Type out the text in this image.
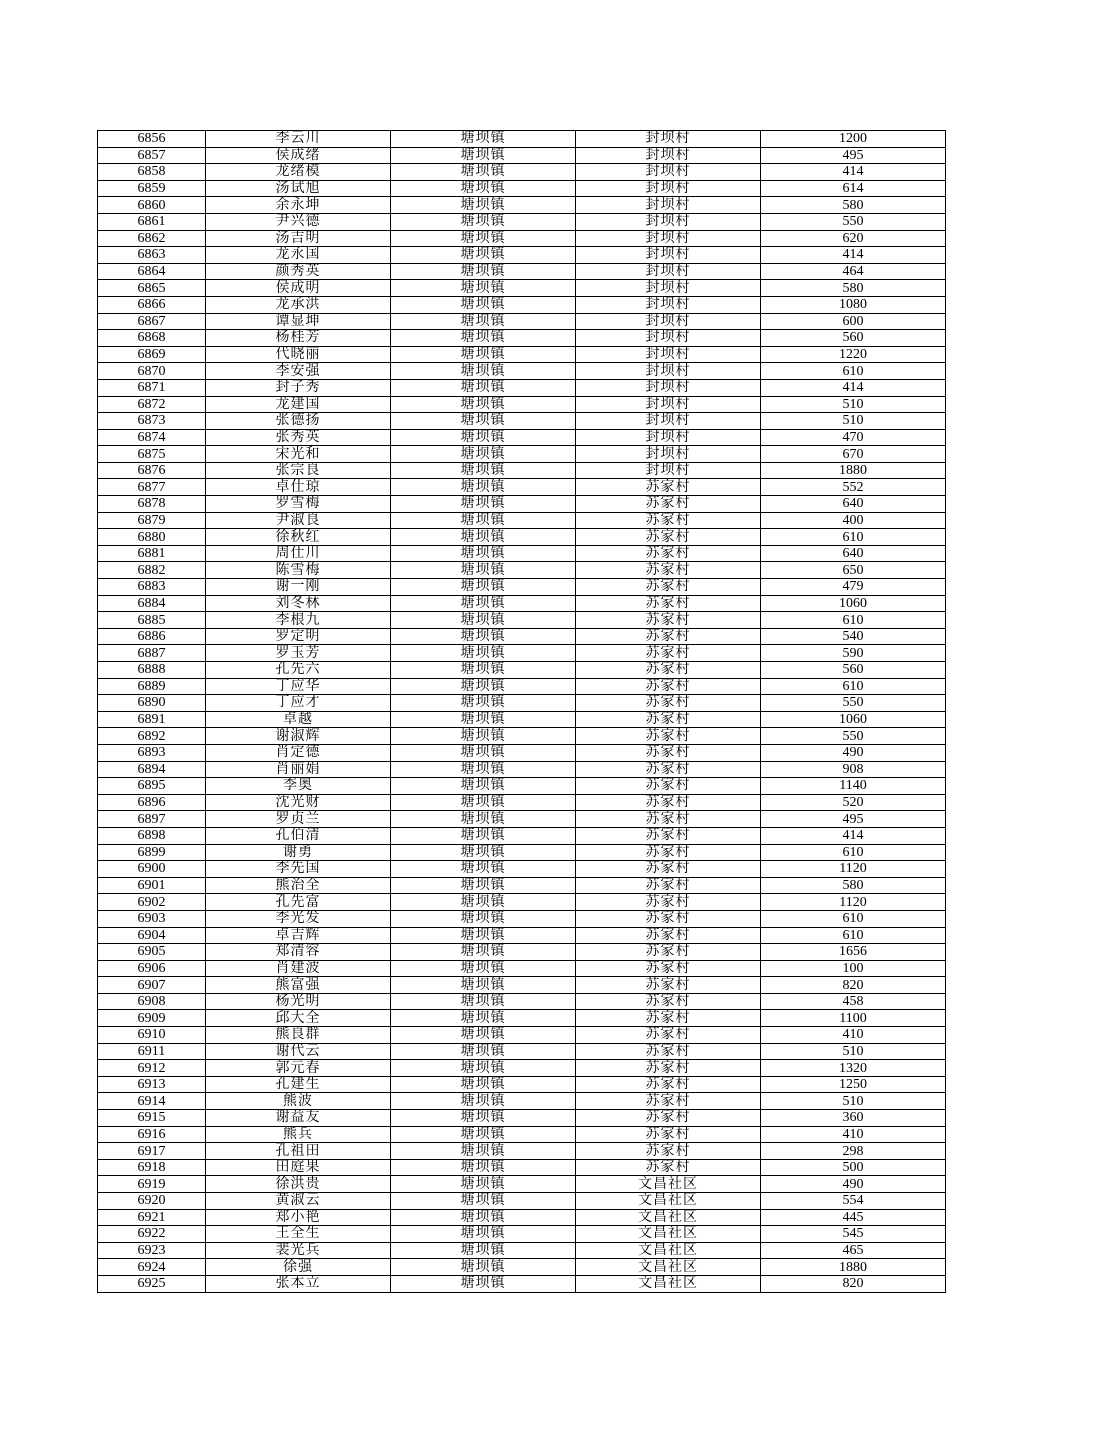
6856	李云川	塘坝镇	封坝村	1200
6857	侯成绪	塘坝镇	封坝村	495
6858	龙绪模	塘坝镇	封坝村	414
6859	汤试旭	塘坝镇	封坝村	614
6860	余永坤	塘坝镇	封坝村	580
6861	尹兴德	塘坝镇	封坝村	550
6862	汤吉明	塘坝镇	封坝村	620
6863	龙永国	塘坝镇	封坝村	414
6864	颜秀英	塘坝镇	封坝村	464
6865	侯成明	塘坝镇	封坝村	580
6866	龙承洪	塘坝镇	封坝村	1080
6867	谭显坤	塘坝镇	封坝村	600
6868	杨桂芳	塘坝镇	封坝村	560
6869	代晓丽	塘坝镇	封坝村	1220
6870	李安强	塘坝镇	封坝村	610
6871	封子秀	塘坝镇	封坝村	414
6872	龙建国	塘坝镇	封坝村	510
6873	张德扬	塘坝镇	封坝村	510
6874	张秀英	塘坝镇	封坝村	470
6875	宋光和	塘坝镇	封坝村	670
6876	张宗良	塘坝镇	封坝村	1880
6877	卓仕琼	塘坝镇	苏家村	552
6878	罗雪梅	塘坝镇	苏家村	640
6879	尹淑良	塘坝镇	苏家村	400
6880	徐秋红	塘坝镇	苏家村	610
6881	周仕川	塘坝镇	苏家村	640
6882	陈雪梅	塘坝镇	苏家村	650
6883	谢一刚	塘坝镇	苏家村	479
6884	刘冬林	塘坝镇	苏家村	1060
6885	李根九	塘坝镇	苏家村	610
6886	罗定明	塘坝镇	苏家村	540
6887	罗玉芳	塘坝镇	苏家村	590
6888	孔先六	塘坝镇	苏家村	560
6889	丁应华	塘坝镇	苏家村	610
6890	丁应才	塘坝镇	苏家村	550
6891	卓越	塘坝镇	苏家村	1060
6892	谢淑辉	塘坝镇	苏家村	550
6893	肖定德	塘坝镇	苏家村	490
6894	肖丽娟	塘坝镇	苏家村	908
6895	李奥	塘坝镇	苏家村	1140
6896	沈光财	塘坝镇	苏家村	520
6897	罗贞兰	塘坝镇	苏家村	495
6898	孔伯清	塘坝镇	苏家村	414
6899	谢勇	塘坝镇	苏家村	610
6900	李先国	塘坝镇	苏家村	1120
6901	熊治全	塘坝镇	苏家村	580
6902	孔先富	塘坝镇	苏家村	1120
6903	李光发	塘坝镇	苏家村	610
6904	卓吉辉	塘坝镇	苏家村	610
6905	郑清容	塘坝镇	苏家村	1656
6906	肖建波	塘坝镇	苏家村	100
6907	熊富强	塘坝镇	苏家村	820
6908	杨光明	塘坝镇	苏家村	458
6909	邱大全	塘坝镇	苏家村	1100
6910	熊良群	塘坝镇	苏家村	410
6911	谢代云	塘坝镇	苏家村	510
6912	郭元春	塘坝镇	苏家村	1320
6913	孔建生	塘坝镇	苏家村	1250
6914	熊波	塘坝镇	苏家村	510
6915	谢益友	塘坝镇	苏家村	360
6916	熊兵	塘坝镇	苏家村	410
6917	孔祖田	塘坝镇	苏家村	298
6918	田庭果	塘坝镇	苏家村	500
6919	徐洪贵	塘坝镇	文昌社区	490
6920	黄淑云	塘坝镇	文昌社区	554
6921	郑小艳	塘坝镇	文昌社区	445
6922	王全生	塘坝镇	文昌社区	545
6923	裴光兵	塘坝镇	文昌社区	465
6924	徐强	塘坝镇	文昌社区	1880
6925	张本立	塘坝镇	文昌社区	820
